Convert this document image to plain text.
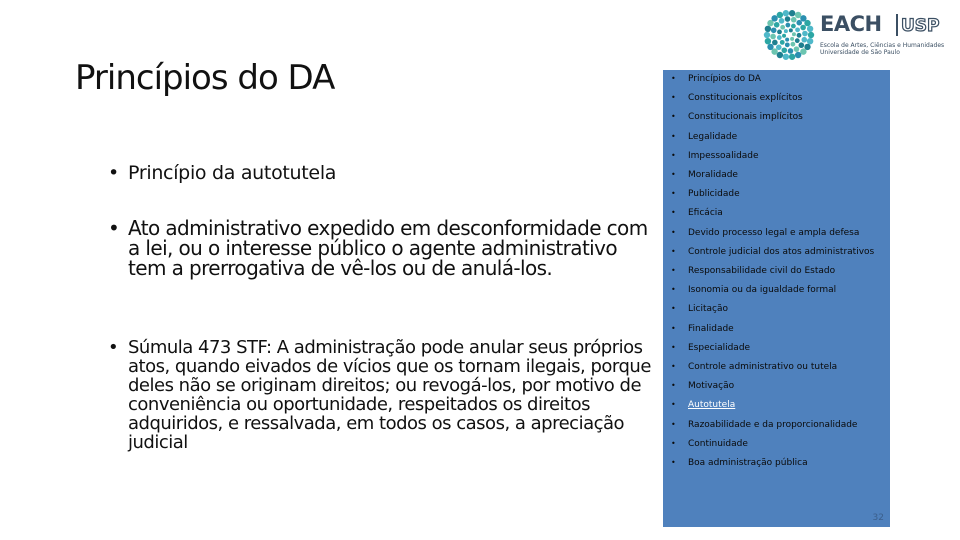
Princípios do DA
• Princípio da autotutela
• Ato administrativo expedido em desconformidade com a lei, ou o interesse público o agente administrativo tem a prerrogativa de vê-los ou de anulá-los.
• Súmula 473 STF: A administração pode anular seus próprios atos, quando eivados de vícios que os tornam ilegais, porque deles não se originam direitos; ou revogá-los, por motivo de conveniência ou oportunidade, respeitados os direitos adquiridos, e ressalvada, em todos os casos, a apreciação judicial
• Princípios do DA
• Constitucionais explícitos
• Constitucionais implícitos
• Legalidade
• Impessoalidade
• Moralidade
• Publicidade
• Eficácia
• Devido processo legal e ampla defesa
• Controle judicial dos atos administrativos
• Responsabilidade civil do Estado
• Isonomia ou da igualdade formal
• Licitação
• Finalidade
• Especialidade
• Controle administrativo ou tutela
• Motivação
• Autotutela
• Razoabilidade e da proporcionalidade
• Continuidade
• Boa administração pública
32
EACH USP
Escola de Artes, Ciências e Humanidades
Universidade de São Paulo
